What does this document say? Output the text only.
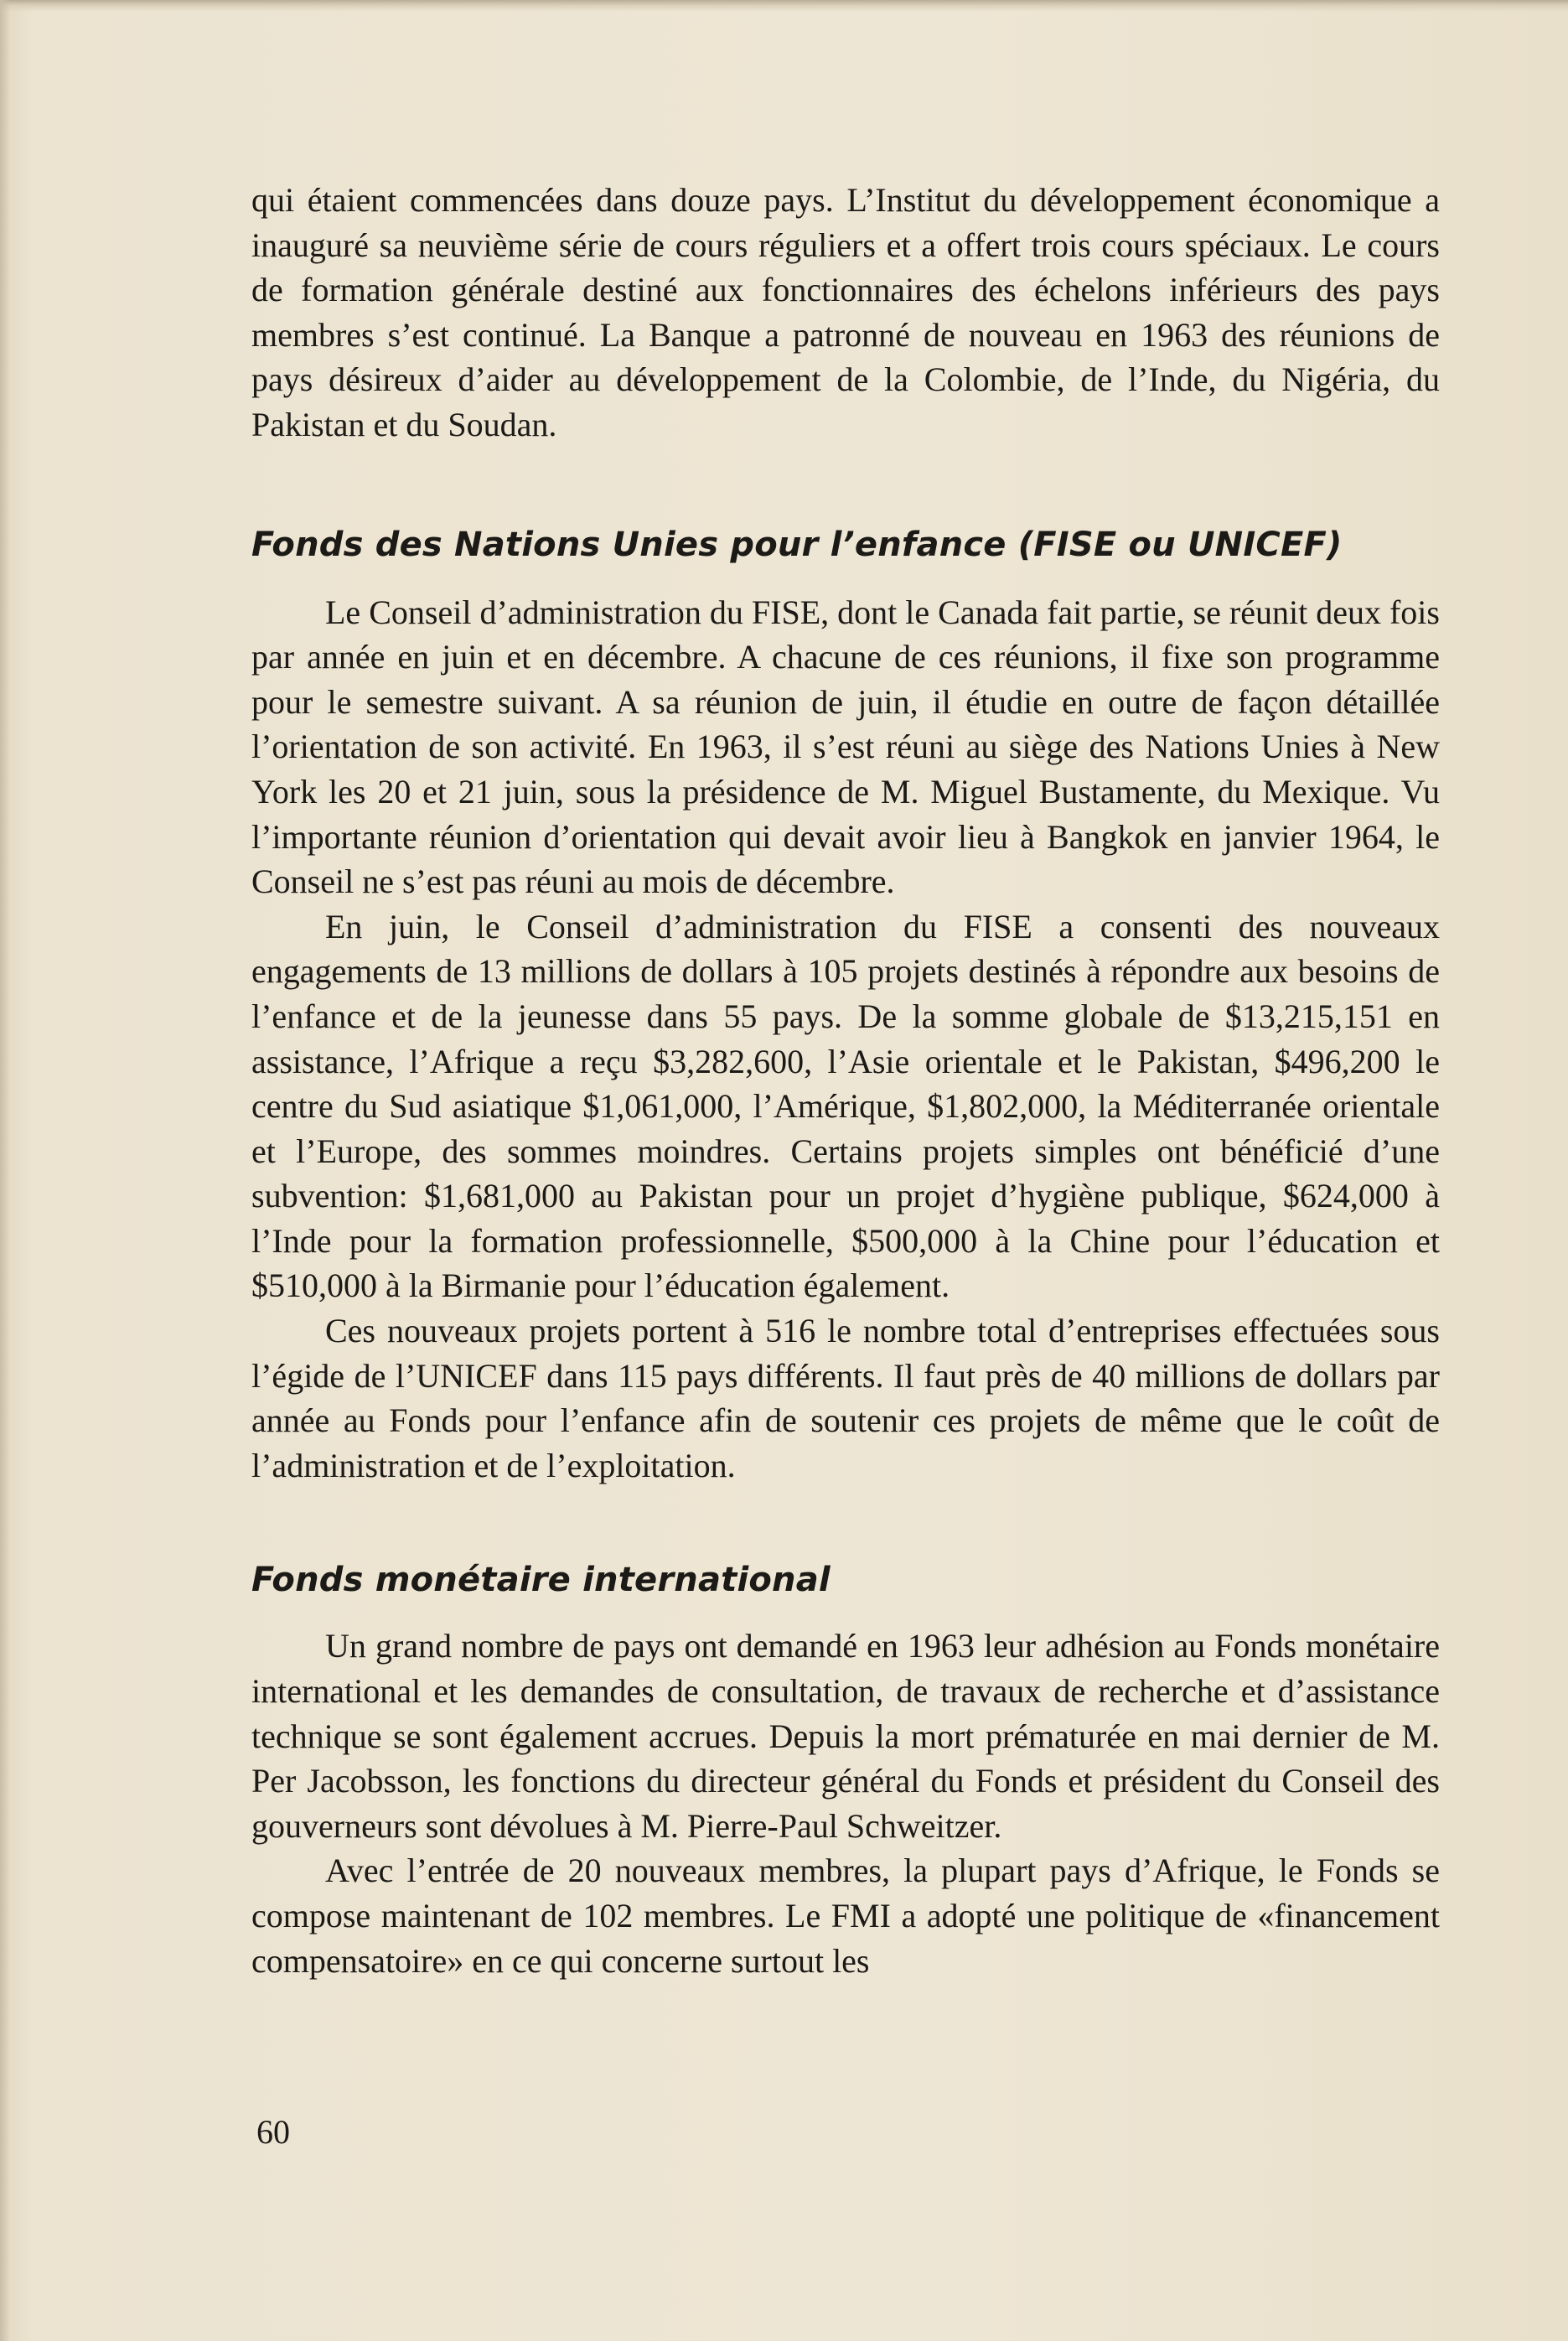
qui étaient commencées dans douze pays. L’Institut du développement économique a inauguré sa neuvième série de cours réguliers et a offert trois cours spéciaux. Le cours de formation générale destiné aux fonctionnaires des échelons inférieurs des pays membres s’est continué. La Banque a patronné de nouveau en 1963 des réunions de pays désireux d’aider au développement de la Colombie, de l’Inde, du Nigéria, du Pakistan et du Soudan.

Fonds des Nations Unies pour l’enfance (FISE ou UNICEF)

Le Conseil d’administration du FISE, dont le Canada fait partie, se réunit deux fois par année en juin et en décembre. A chacune de ces réunions, il fixe son programme pour le semestre suivant. A sa réunion de juin, il étudie en outre de façon détaillée l’orientation de son activité. En 1963, il s’est réuni au siège des Nations Unies à New York les 20 et 21 juin, sous la présidence de M. Miguel Bustamente, du Mexique. Vu l’importante réunion d’orientation qui devait avoir lieu à Bangkok en janvier 1964, le Conseil ne s’est pas réuni au mois de décembre.

En juin, le Conseil d’administration du FISE a consenti des nouveaux engagements de 13 millions de dollars à 105 projets destinés à répondre aux besoins de l’enfance et de la jeunesse dans 55 pays. De la somme globale de $13,215,151 en assistance, l’Afrique a reçu $3,282,600, l’Asie orientale et le Pakistan, $496,200 le centre du Sud asiatique $1,061,000, l’Amérique, $1,802,000, la Méditerranée orientale et l’Europe, des sommes moindres. Certains projets simples ont bénéficié d’une subvention: $1,681,000 au Pakistan pour un projet d’hygiène publique, $624,000 à l’Inde pour la formation professionnelle, $500,000 à la Chine pour l’éducation et $510,000 à la Birmanie pour l’éducation également.

Ces nouveaux projets portent à 516 le nombre total d’entreprises effectuées sous l’égide de l’UNICEF dans 115 pays différents. Il faut près de 40 millions de dollars par année au Fonds pour l’enfance afin de soutenir ces projets de même que le coût de l’administration et de l’exploitation.

Fonds monétaire international

Un grand nombre de pays ont demandé en 1963 leur adhésion au Fonds monétaire international et les demandes de consultation, de travaux de recherche et d’assistance technique se sont également accrues. Depuis la mort prématurée en mai dernier de M. Per Jacobsson, les fonctions du directeur général du Fonds et président du Conseil des gouverneurs sont dévolues à M. Pierre-Paul Schweitzer.

Avec l’entrée de 20 nouveaux membres, la plupart pays d’Afrique, le Fonds se compose maintenant de 102 membres. Le FMI a adopté une politique de «financement compensatoire» en ce qui concerne surtout les

60
